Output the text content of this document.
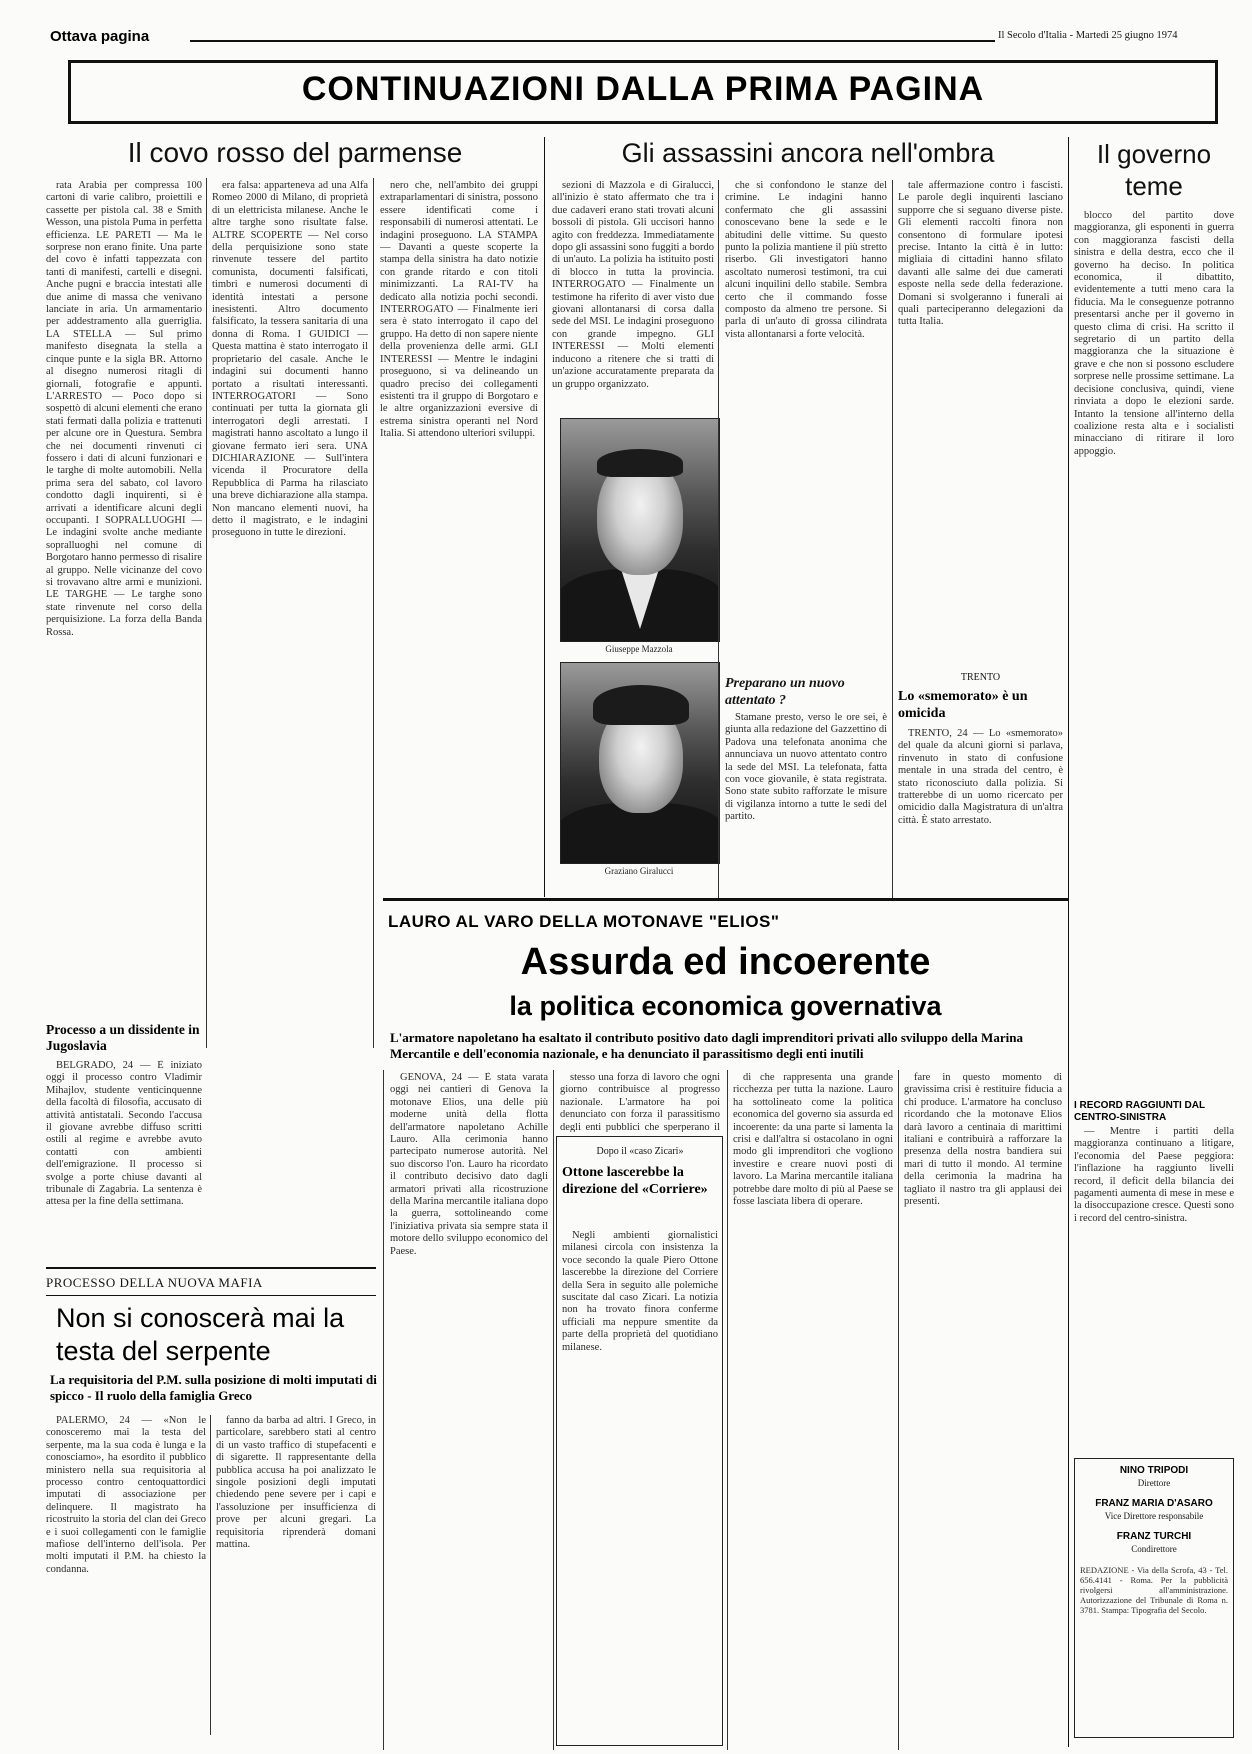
Ottava pagina	Il Secolo d'Italia - Martedì 25 giugno 1974
CONTINUAZIONI DALLA PRIMA PAGINA
Il covo rosso del parmense

rata Arabia per compressa 100 cartoni di varie calibro, proiettili e cassette per pistola cal. 38 e Smith Wesson, una pistola Puma in perfetta efficienza. LE PARETI — Ma le sorprese non erano finite. Una parte del covo è infatti tappezzata con tanti di manifesti, cartelli e disegni. Anche pugni e braccia intestati alle due anime di massa che venivano lanciate in aria. Un armamentario per addestramento alla guerriglia. LA STELLA — Sul primo manifesto disegnata la stella a cinque punte e la sigla BR. Attorno al disegno numerosi ritagli di giornali, fotografie e appunti. L'ARRESTO — Poco dopo si sospettò di alcuni elementi che erano stati fermati dalla polizia e trattenuti per alcune ore in Questura. Sembra che nei documenti rinvenuti ci fossero i dati di alcuni funzionari e le targhe di molte automobili. Nella prima sera del sabato, col lavoro condotto dagli inquirenti, si è arrivati a identificare alcuni degli occupanti. I SOPRALLUOGHI — Le indagini svolte anche mediante sopralluoghi nel comune di Borgotaro hanno permesso di risalire al gruppo. Nelle vicinanze del covo si trovavano altre armi e munizioni. LE TARGHE — Le targhe sono state rinvenute nel corso della perquisizione. La forza della Banda Rossa.

era falsa: apparteneva ad una Alfa Romeo 2000 di Milano, di proprietà di un elettricista milanese. Anche le altre targhe sono risultate false. ALTRE SCOPERTE — Nel corso della perquisizione sono state rinvenute tessere del partito comunista, documenti falsificati, timbri e numerosi documenti di identità intestati a persone inesistenti. Altro documento falsificato, la tessera sanitaria di una donna di Roma. I GUIDICI — Questa mattina è stato interrogato il proprietario del casale. Anche le indagini sui documenti hanno portato a risultati interessanti. INTERROGATORI — Sono continuati per tutta la giornata gli interrogatori degli arrestati. I magistrati hanno ascoltato a lungo il giovane fermato ieri sera. UNA DICHIARAZIONE — Sull'intera vicenda il Procuratore della Repubblica di Parma ha rilasciato una breve dichiarazione alla stampa. Non mancano elementi nuovi, ha detto il magistrato, e le indagini proseguono in tutte le direzioni.

nero che, nell'ambito dei gruppi extraparlamentari di sinistra, possono essere identificati come i responsabili di numerosi attentati. Le indagini proseguono. LA STAMPA — Davanti a queste scoperte la stampa della sinistra ha dato notizie con grande ritardo e con titoli minimizzanti. La RAI-TV ha dedicato alla notizia pochi secondi. INTERROGATO — Finalmente ieri sera è stato interrogato il capo del gruppo. Ha detto di non sapere niente della provenienza delle armi. GLI INTERESSI — Mentre le indagini proseguono, si va delineando un quadro preciso dei collegamenti esistenti tra il gruppo di Borgotaro e le altre organizzazioni eversive di estrema sinistra operanti nel Nord Italia. Si attendono ulteriori sviluppi.

Processo a un dissidente in Jugoslavia

BELGRADO, 24 — È iniziato oggi il processo contro Vladimir Mihajlov, studente venticinquenne della facoltà di filosofia, accusato di attività antistatali. Secondo l'accusa il giovane avrebbe diffuso scritti ostili al regime e avrebbe avuto contatti con ambienti dell'emigrazione. Il processo si svolge a porte chiuse davanti al tribunale di Zagabria. La sentenza è attesa per la fine della settimana.

PROCESSO DELLA NUOVA MAFIA
Non si conoscerà mai la testa del serpente
La requisitoria del P.M. sulla posizione di molti imputati di spicco - Il ruolo della famiglia Greco

PALERMO, 24 — «Non le conosceremo mai la testa del serpente, ma la sua coda è lunga e la conosciamo», ha esordito il pubblico ministero nella sua requisitoria al processo contro centoquattordici imputati di associazione per delinquere. Il magistrato ha ricostruito la storia del clan dei Greco e i suoi collegamenti con le famiglie mafiose dell'interno dell'isola. Per molti imputati il P.M. ha chiesto la condanna.

fanno da barba ad altri. I Greco, in particolare, sarebbero stati al centro di un vasto traffico di stupefacenti e di sigarette. Il rappresentante della pubblica accusa ha poi analizzato le singole posizioni degli imputati chiedendo pene severe per i capi e l'assoluzione per insufficienza di prove per alcuni gregari. La requisitoria riprenderà domani mattina.

Gli assassini ancora nell'ombra

sezioni di Mazzola e di Giralucci, all'inizio è stato affermato che tra i due cadaveri erano stati trovati alcuni bossoli di pistola. Gli uccisori hanno agito con freddezza. Immediatamente dopo gli assassini sono fuggiti a bordo di un'auto. La polizia ha istituito posti di blocco in tutta la provincia. INTERROGATO — Finalmente un testimone ha riferito di aver visto due giovani allontanarsi di corsa dalla sede del MSI. Le indagini proseguono con grande impegno. GLI INTERESSI — Molti elementi inducono a ritenere che si tratti di un'azione accuratamente preparata da un gruppo organizzato.

Giuseppe Mazzola
Graziano Giralucci

che si confondono le stanze del crimine. Le indagini hanno confermato che gli assassini conoscevano bene la sede e le abitudini delle vittime. Su questo punto la polizia mantiene il più stretto riserbo. Gli investigatori hanno ascoltato numerosi testimoni, tra cui alcuni inquilini dello stabile. Sembra certo che il commando fosse composto da almeno tre persone. Si parla di un'auto di grossa cilindrata vista allontanarsi a forte velocità.

Preparano un nuovo attentato ?

Stamane presto, verso le ore sei, è giunta alla redazione del Gazzettino di Padova una telefonata anonima che annunciava un nuovo attentato contro la sede del MSI. La telefonata, fatta con voce giovanile, è stata registrata. Sono state subito rafforzate le misure di vigilanza intorno a tutte le sedi del partito.

tale affermazione contro i fascisti. Le parole degli inquirenti lasciano supporre che si seguano diverse piste. Gli elementi raccolti finora non consentono di formulare ipotesi precise. Intanto la città è in lutto: migliaia di cittadini hanno sfilato davanti alle salme dei due camerati esposte nella sede della federazione. Domani si svolgeranno i funerali ai quali parteciperanno delegazioni da tutta Italia.

TRENTO
Lo «smemorato» è un omicida

TRENTO, 24 — Lo «smemorato» del quale da alcuni giorni si parlava, rinvenuto in stato di confusione mentale in una strada del centro, è stato riconosciuto dalla polizia. Si tratterebbe di un uomo ricercato per omicidio dalla Magistratura di un'altra città. È stato arrestato.

Il governo teme

blocco del partito dove maggioranza, gli esponenti in guerra con maggioranza fascisti della sinistra e della destra, ecco che il governo ha deciso. In politica economica, il dibattito, evidentemente a tutti meno cara la fiducia. Ma le conseguenze potranno presentarsi anche per il governo in questo clima di crisi. Ha scritto il segretario di un partito della maggioranza che la situazione è grave e che non si possono escludere sorprese nelle prossime settimane. La decisione conclusiva, quindi, viene rinviata a dopo le elezioni sarde. Intanto la tensione all'interno della coalizione resta alta e i socialisti minacciano di ritirare il loro appoggio.

I RECORD RAGGIUNTI DAL CENTRO-SINISTRA

— Mentre i partiti della maggioranza continuano a litigare, l'economia del Paese peggiora: l'inflazione ha raggiunto livelli record, il deficit della bilancia dei pagamenti aumenta di mese in mese e la disoccupazione cresce. Questi sono i record del centro-sinistra.

NINO TRIPODI
Direttore
FRANZ MARIA D'ASARO
Vice Direttore responsabile
FRANZ TURCHI
Condirettore

REDAZIONE - Via della Scrofa, 43 - Tel. 656.4141 - Roma. Per la pubblicità rivolgersi all'amministrazione. Autorizzazione del Tribunale di Roma n. 3781. Stampa: Tipografia del Secolo.

LAURO AL VARO DELLA MOTONAVE "ELIOS"
Assurda ed incoerente
la politica economica governativa
L'armatore napoletano ha esaltato il contributo positivo dato dagli imprenditori privati allo sviluppo della Marina Mercantile e dell'economia nazionale, e ha denunciato il parassitismo degli enti inutili

GENOVA, 24 — È stata varata oggi nei cantieri di Genova la motonave Elios, una delle più moderne unità della flotta dell'armatore napoletano Achille Lauro. Alla cerimonia hanno partecipato numerose autorità. Nel suo discorso l'on. Lauro ha ricordato il contributo decisivo dato dagli armatori privati alla ricostruzione della Marina mercantile italiana dopo la guerra, sottolineando come l'iniziativa privata sia sempre stata il motore dello sviluppo economico del Paese.

stesso una forza di lavoro che ogni giorno contribuisce al progresso nazionale. L'armatore ha poi denunciato con forza il parassitismo degli enti pubblici che sperperano il

Dopo il «caso Zicari»
Ottone lascerebbe la direzione del «Corriere»

Negli ambienti giornalistici milanesi circola con insistenza la voce secondo la quale Piero Ottone lascerebbe la direzione del Corriere della Sera in seguito alle polemiche suscitate dal caso Zicari. La notizia non ha trovato finora conferme ufficiali ma neppure smentite da parte della proprietà del quotidiano milanese.

di che rappresenta una grande ricchezza per tutta la nazione. Lauro ha sottolineato come la politica economica del governo sia assurda ed incoerente: da una parte si lamenta la crisi e dall'altra si ostacolano in ogni modo gli imprenditori che vogliono investire e creare nuovi posti di lavoro. La Marina mercantile italiana potrebbe dare molto di più al Paese se fosse lasciata libera di operare.

fare in questo momento di gravissima crisi è restituire fiducia a chi produce. L'armatore ha concluso ricordando che la motonave Elios darà lavoro a centinaia di marittimi italiani e contribuirà a rafforzare la presenza della nostra bandiera sui mari di tutto il mondo. Al termine della cerimonia la madrina ha tagliato il nastro tra gli applausi dei presenti.
